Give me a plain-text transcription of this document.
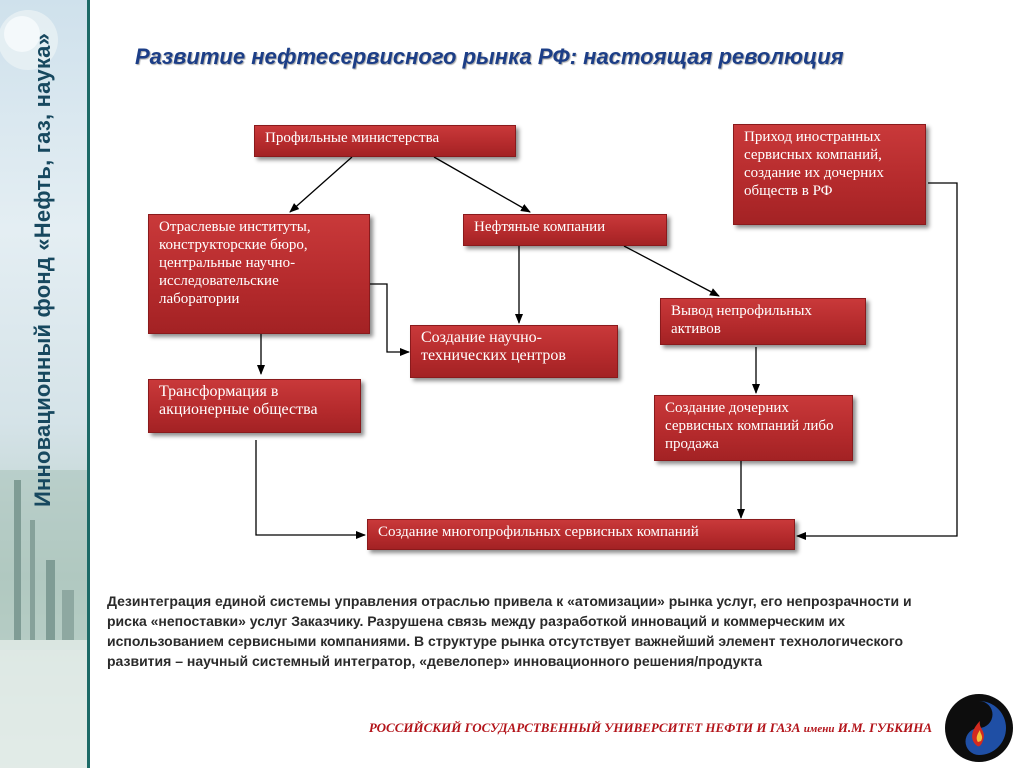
Инновационный фонд «Нефть, газ, наука»	Развитие нефтесервисного рынка РФ: настоящая революция
Профильные министерства	Приход иностранных сервисных компаний, создание их дочерних обществ в РФ
Отраслевые институты, конструкторские бюро, центральные научно-исследовательские лаборатории
Нефтяные компании
Вывод непрофильных активов
Создание научно-технических центров
Трансформация в акционерные общества	Создание дочерних сервисных компаний либо продажа
Создание многопрофильных сервисных компаний
Дезинтеграция единой системы управления отраслью привела к «атомизации» рынка услуг, его непрозрачности и риска «непоставки» услуг Заказчику. Разрушена связь между разработкой инноваций и коммерческим их использованием сервисными компаниями. В структуре рынка отсутствует важнейший элемент технологического развития – научный системный интегратор, «девелопер» инновационного решения/продукта
РОССИЙСКИЙ ГОСУДАРСТВЕННЫЙ УНИВЕРСИТЕТ НЕФТИ И ГАЗА имени И.М. ГУБКИНА
